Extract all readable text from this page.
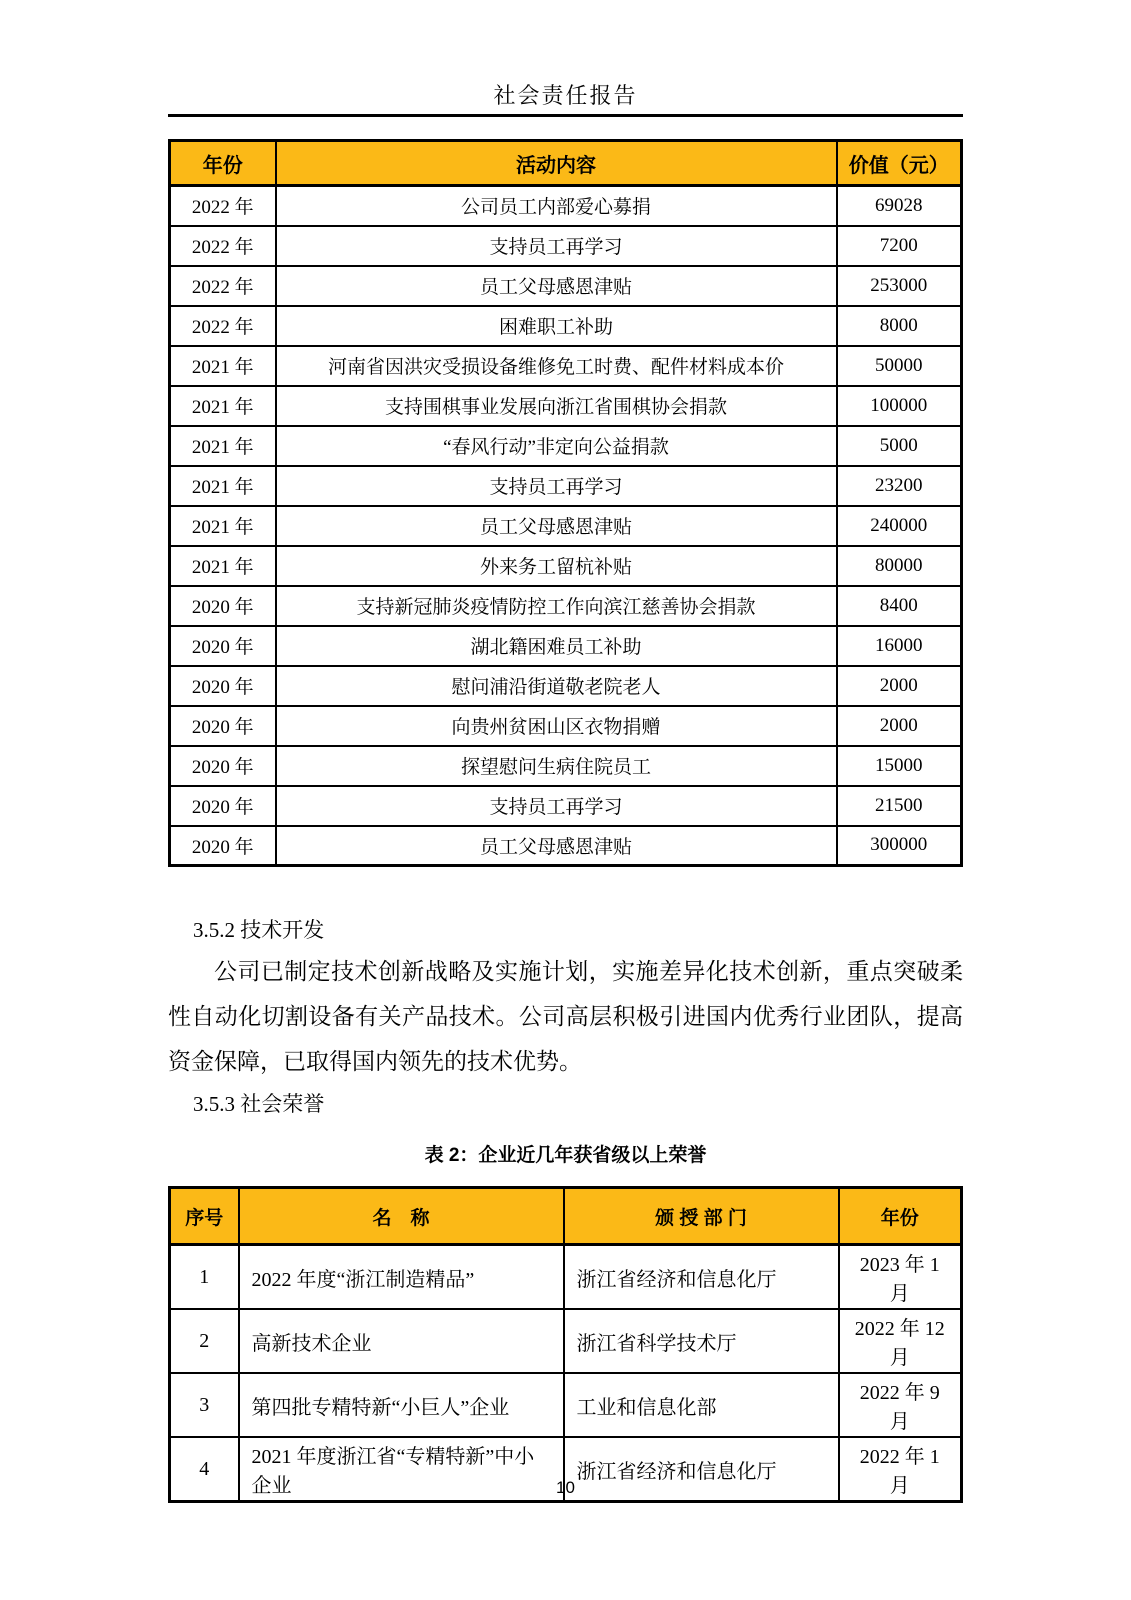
社会责任报告
年份	活动内容	价值（元）
2022 年	公司员工内部爱心募捐	69028
2022 年	支持员工再学习	7200
2022 年	员工父母感恩津贴	253000
2022 年	困难职工补助	8000
2021 年	河南省因洪灾受损设备维修免工时费、配件材料成本价	50000
2021 年	支持围棋事业发展向浙江省围棋协会捐款	100000
2021 年	“春风行动”非定向公益捐款	5000
2021 年	支持员工再学习	23200
2021 年	员工父母感恩津贴	240000
2021 年	外来务工留杭补贴	80000
2020 年	支持新冠肺炎疫情防控工作向滨江慈善协会捐款	8400
2020 年	湖北籍困难员工补助	16000
2020 年	慰问浦沿街道敬老院老人	2000
2020 年	向贵州贫困山区衣物捐赠	2000
2020 年	探望慰问生病住院员工	15000
2020 年	支持员工再学习	21500
2020 年	员工父母感恩津贴	300000
3.5.2 技术开发
公司已制定技术创新战略及实施计划，实施差异化技术创新，重点突破柔性自动化切割设备有关产品技术。公司高层积极引进国内优秀行业团队，提高资金保障，已取得国内领先的技术优势。
3.5.3 社会荣誉
表 2：企业近几年获省级以上荣誉
序号	名　称	颁 授 部 门	年份
1	2022 年度“浙江制造精品”	浙江省经济和信息化厅	2023 年 1 月
2	高新技术企业	浙江省科学技术厅	2022 年 12 月
3	第四批专精特新“小巨人”企业	工业和信息化部	2022 年 9 月
4	2021 年度浙江省“专精特新”中小企业	浙江省经济和信息化厅	2022 年 1 月
10
